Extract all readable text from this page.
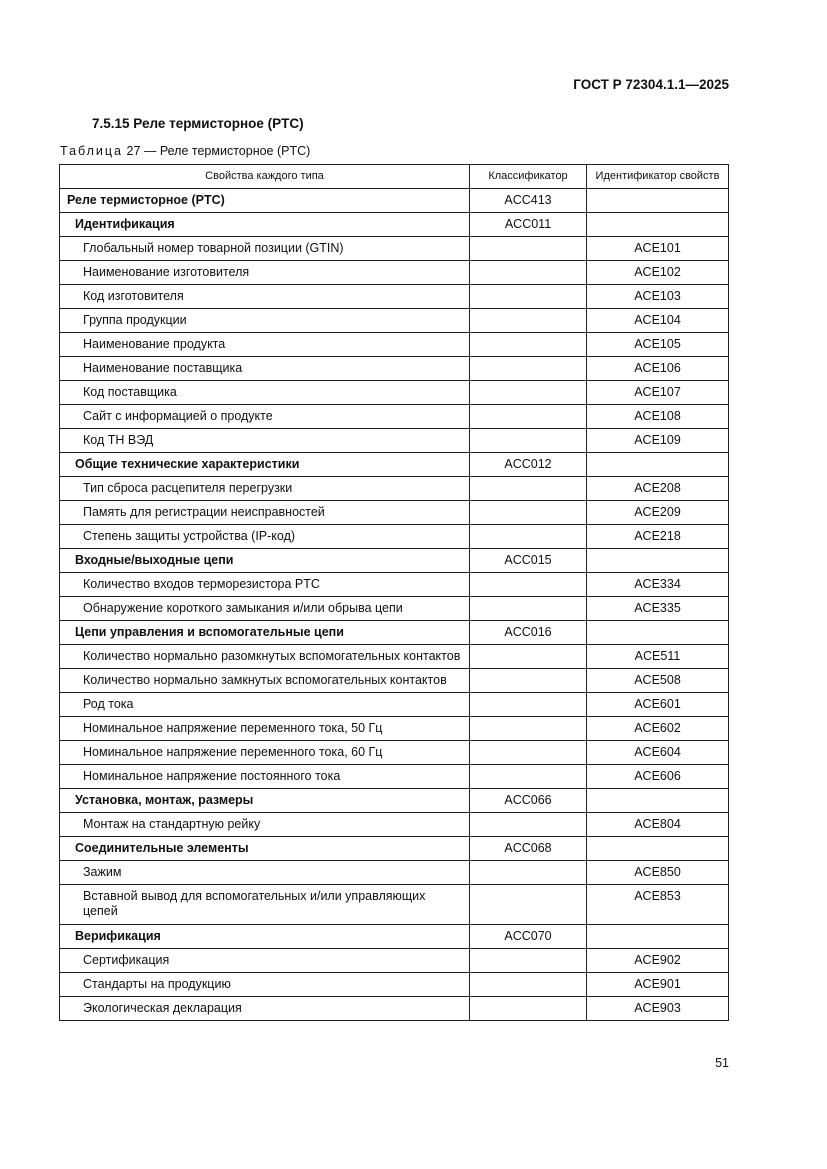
ГОСТ Р 72304.1.1—2025
7.5.15 Реле термисторное (PTC)
Таблица 27 — Реле термисторное (PTC)
Свойства каждого типа	Классификатор	Идентификатор свойств
Реле термисторное (PTC)	ACC413	
Идентификация	ACC011	
Глобальный номер товарной позиции (GTIN)		ACE101
Наименование изготовителя		ACE102
Код изготовителя		ACE103
Группа продукции		ACE104
Наименование продукта		ACE105
Наименование поставщика		ACE106
Код поставщика		ACE107
Сайт с информацией о продукте		ACE108
Код ТН ВЭД		ACE109
Общие технические характеристики	ACC012	
Тип сброса расцепителя перегрузки		ACE208
Память для регистрации неисправностей		ACE209
Степень защиты устройства (IP-код)		ACE218
Входные/выходные цепи	ACC015	
Количество входов терморезистора PTC		ACE334
Обнаружение короткого замыкания и/или обрыва цепи		ACE335
Цепи управления и вспомогательные цепи	ACC016	
Количество нормально разомкнутых вспомогательных контактов		ACE511
Количество нормально замкнутых вспомогательных контактов		ACE508
Род тока		ACE601
Номинальное напряжение переменного тока, 50 Гц		ACE602
Номинальное напряжение переменного тока, 60 Гц		ACE604
Номинальное напряжение постоянного тока		ACE606
Установка, монтаж, размеры	ACC066	
Монтаж на стандартную рейку		ACE804
Соединительные элементы	ACC068	
Зажим		ACE850
Вставной вывод для вспомогательных и/или управляющих цепей		ACE853
Верификация	ACC070	
Сертификация		ACE902
Стандарты на продукцию		ACE901
Экологическая декларация		ACE903
51
